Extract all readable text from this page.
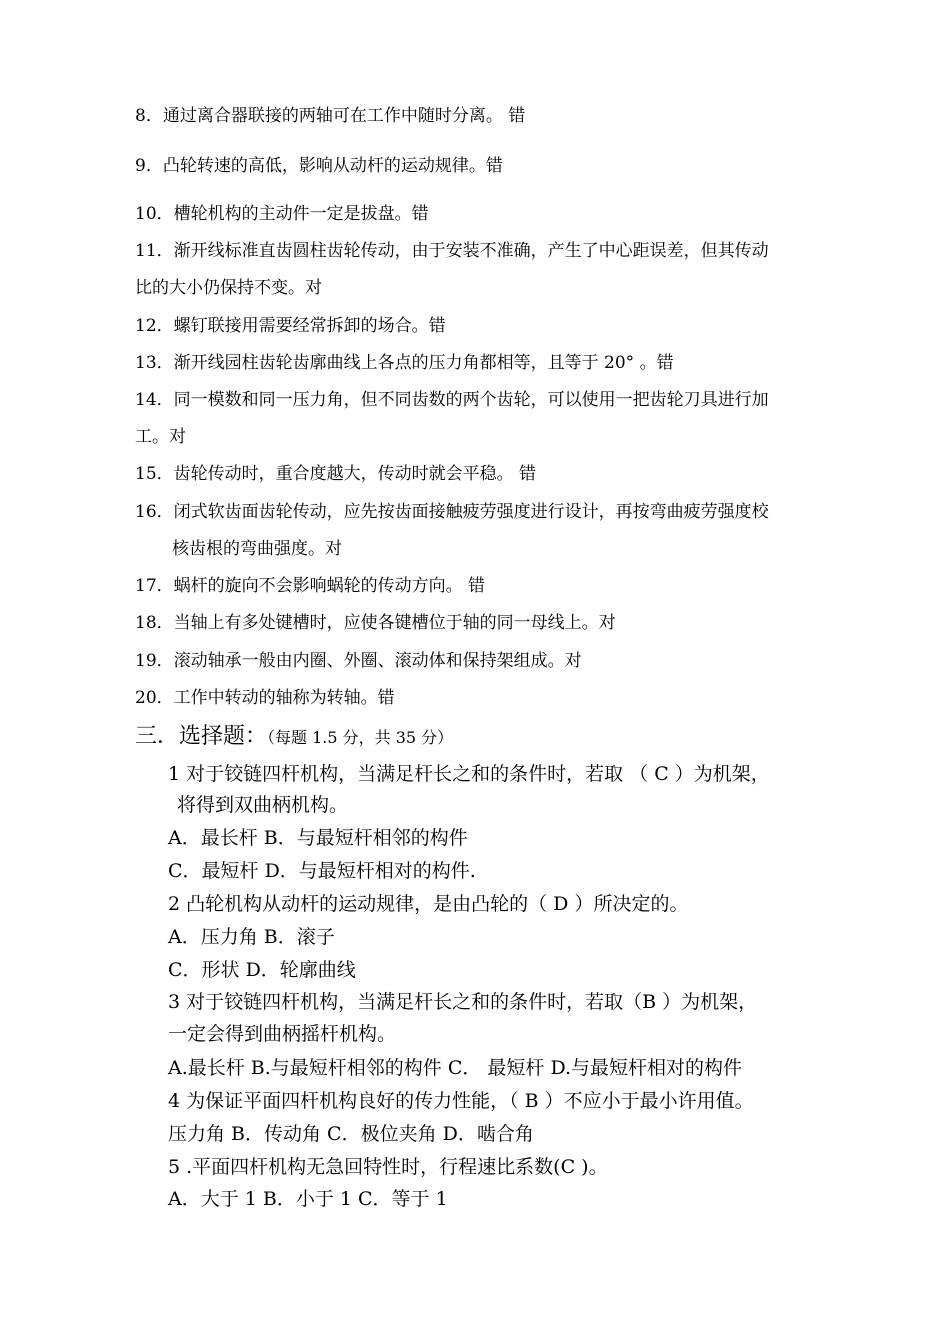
8．通过离合器联接的两轴可在工作中随时分离。 错
9．凸轮转速的高低，影响从动杆的运动规律。错
10．槽轮机构的主动件一定是拔盘。错
11．渐开线标准直齿圆柱齿轮传动，由于安装不准确，产生了中心距误差，但其传动
比的大小仍保持不变。对
12．螺钉联接用需要经常拆卸的场合。错
13．渐开线园柱齿轮齿廓曲线上各点的压力角都相等，且等于 20° 。错
14．同一模数和同一压力角，但不同齿数的两个齿轮，可以使用一把齿轮刀具进行加
工。对
15．齿轮传动时，重合度越大，传动时就会平稳。 错
16．闭式软齿面齿轮传动，应先按齿面接触疲劳强度进行设计，再按弯曲疲劳强度校
核齿根的弯曲强度。对
17．蜗杆的旋向不会影响蜗轮的传动方向。 错
18．当轴上有多处键槽时，应使各键槽位于轴的同一母线上。对
19．滚动轴承一般由内圈、外圈、滚动体和保持架组成。对
20．工作中转动的轴称为转轴。错
三．选择题：（每题 1.5 分，共 35 分）
1 对于铰链四杆机构，当满足杆长之和的条件时，若取 （ C ）为机架，
将得到双曲柄机构。
A．最长杆 B．与最短杆相邻的构件
C．最短杆 D．与最短杆相对的构件.
2 凸轮机构从动杆的运动规律，是由凸轮的（ D ）所决定的。
A．压力角 B．滚子
C．形状 D．轮廓曲线
3 对于铰链四杆机构，当满足杆长之和的条件时，若取（B ）为机架，
一定会得到曲柄摇杆机构。
A.最长杆 B.与最短杆相邻的构件 C． 最短杆 D.与最短杆相对的构件
4 为保证平面四杆机构良好的传力性能，（ B ）不应小于最小许用值。
压力角 B．传动角 C．极位夹角 D．啮合角
5 .平面四杆机构无急回特性时，行程速比系数(C )。
A．大于 1 B．小于 1 C．等于 1
